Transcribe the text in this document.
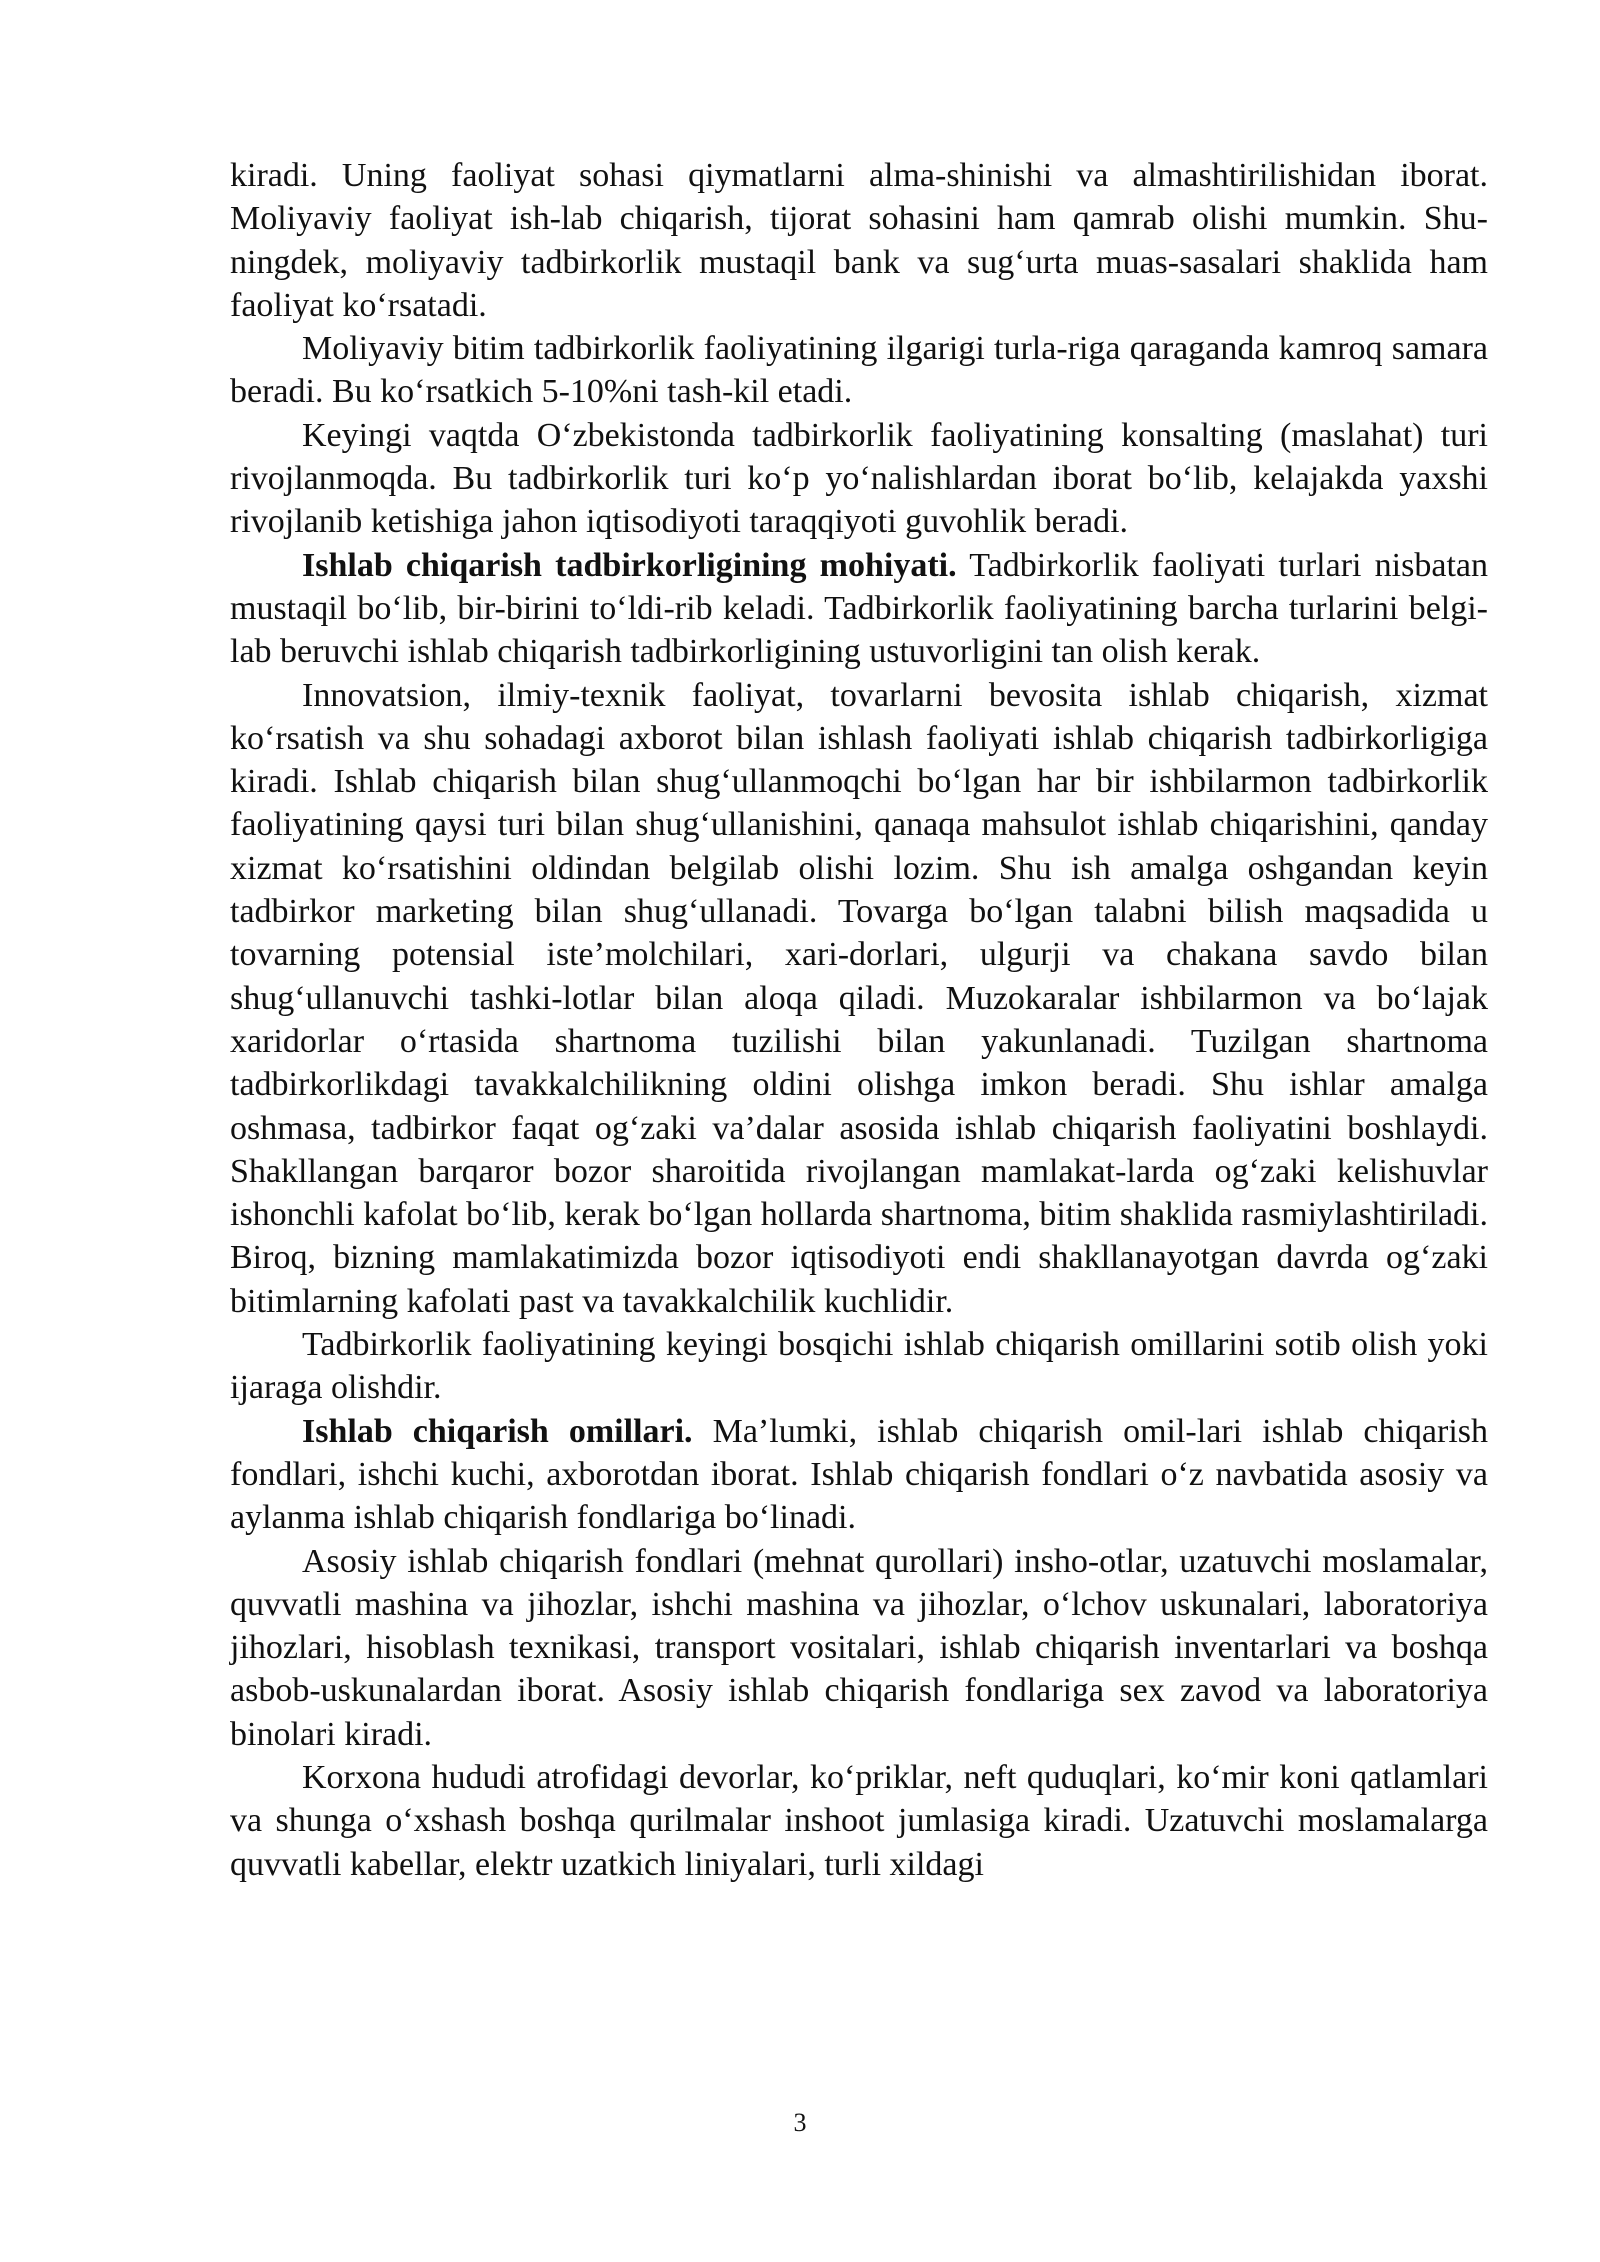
kiradi. Uning faoliyat sohasi qiymatlarni alma-shinishi va almashtirilishidan iborat. Moliyaviy faoliyat ish-lab chiqarish, tijorat sohasini ham qamrab olishi mumkin. Shu-ningdek, moliyaviy tadbirkorlik mustaqil bank va sug‘urta muas-sasalari shaklida ham faoliyat ko‘rsatadi.

Moliyaviy bitim tadbirkorlik faoliyatining ilgarigi turla-riga qaraganda kamroq samara beradi. Bu ko‘rsatkich 5-10%ni tash-kil etadi.

Keyingi vaqtda O‘zbekistonda tadbirkorlik faoliyatining konsalting (maslahat) turi rivojlanmoqda. Bu tadbirkorlik turi ko‘p yo‘nalishlardan iborat bo‘lib, kelajakda yaxshi rivojlanib ketishiga jahon iqtisodiyoti taraqqiyoti guvohlik beradi.

Ishlab chiqarish tadbirkorligining mohiyati. Tadbirkorlik faoliyati turlari nisbatan mustaqil bo‘lib, bir-birini to‘ldi-rib keladi. Tadbirkorlik faoliyatining barcha turlarini belgi-lab beruvchi ishlab chiqarish tadbirkorligining ustuvorligini tan olish kerak.

Innovatsion, ilmiy-texnik faoliyat, tovarlarni bevosita ishlab chiqarish, xizmat ko‘rsatish va shu sohadagi axborot bilan ishlash faoliyati ishlab chiqarish tadbirkorligiga kiradi. Ishlab chiqarish bilan shug‘ullanmoqchi bo‘lgan har bir ishbilarmon tadbirkorlik faoliyatining qaysi turi bilan shug‘ullanishini, qanaqa mahsulot ishlab chiqarishini, qanday xizmat ko‘rsatishini oldindan belgilab olishi lozim. Shu ish amalga oshgandan keyin tadbirkor marketing bilan shug‘ullanadi. Tovarga bo‘lgan talabni bilish maqsadida u tovarning potensial iste’molchilari, xari-dorlari, ulgurji va chakana savdo bilan shug‘ullanuvchi tashki-lotlar bilan aloqa qiladi. Muzokaralar ishbilarmon va bo‘lajak xaridorlar o‘rtasida shartnoma tuzilishi bilan yakunlanadi. Tuzilgan shartnoma tadbirkorlikdagi tavakkalchilikning oldini olishga imkon beradi. Shu ishlar amalga oshmasa, tadbirkor faqat og‘zaki va’dalar asosida ishlab chiqarish faoliyatini boshlaydi. Shakllangan barqaror bozor sharoitida rivojlangan mamlakat-larda og‘zaki kelishuvlar ishonchli kafolat bo‘lib, kerak bo‘lgan hollarda shartnoma, bitim shaklida rasmiylashtiriladi. Biroq, bizning mamlakatimizda bozor iqtisodiyoti endi shakllanayotgan davrda og‘zaki bitimlarning kafolati past va tavakkalchilik kuchlidir.

Tadbirkorlik faoliyatining keyingi bosqichi ishlab chiqarish omillarini sotib olish yoki ijaraga olishdir.

Ishlab chiqarish omillari. Ma’lumki, ishlab chiqarish omil-lari ishlab chiqarish fondlari, ishchi kuchi, axborotdan iborat. Ishlab chiqarish fondlari o‘z navbatida asosiy va aylanma ishlab chiqarish fondlariga bo‘linadi.

Asosiy ishlab chiqarish fondlari (mehnat qurollari) insho-otlar, uzatuvchi moslamalar, quvvatli mashina va jihozlar, ishchi mashina va jihozlar, o‘lchov uskunalari, laboratoriya jihozlari, hisoblash texnikasi, transport vositalari, ishlab chiqarish inventarlari va boshqa asbob-uskunalardan iborat. Asosiy ishlab chiqarish fondlariga sex zavod va laboratoriya binolari kiradi.

Korxona hududi atrofidagi devorlar, ko‘priklar, neft quduqlari, ko‘mir koni qatlamlari va shunga o‘xshash boshqa qurilmalar inshoot jumlasiga kiradi. Uzatuvchi moslamalarga quvvatli kabellar, elektr uzatkich liniyalari, turli xildagi

3
